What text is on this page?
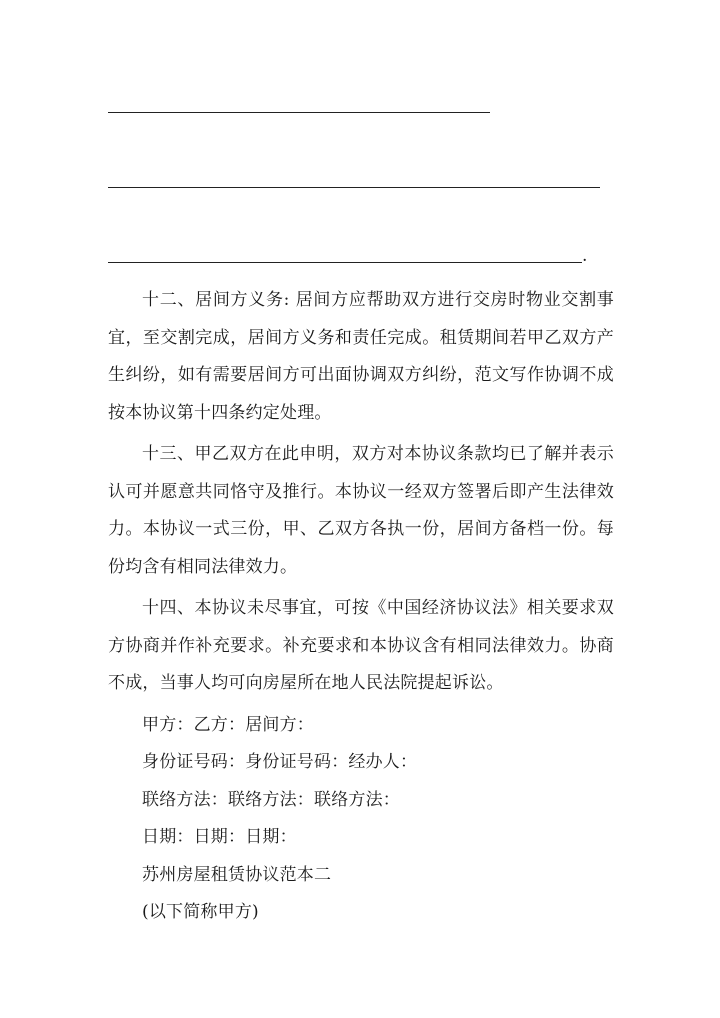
.

十二、居间方义务: 居间方应帮助双方进行交房时物业交割事宜，至交割完成，居间方义务和责任完成。租赁期间若甲乙双方产生纠纷，如有需要居间方可出面协调双方纠纷，范文写作协调不成按本协议第十四条约定处理。

十三、甲乙双方在此申明，双方对本协议条款均已了解并表示认可并愿意共同恪守及推行。本协议一经双方签署后即产生法律效力。本协议一式三份，甲、乙双方各执一份，居间方备档一份。每份均含有相同法律效力。

十四、本协议未尽事宜，可按《中国经济协议法》相关要求双方协商并作补充要求。补充要求和本协议含有相同法律效力。协商不成，当事人均可向房屋所在地人民法院提起诉讼。

甲方：乙方：居间方：

身份证号码：身份证号码：经办人：

联络方法：联络方法：联络方法：

日期：日期：日期：

苏州房屋租赁协议范本二

(以下简称甲方)
